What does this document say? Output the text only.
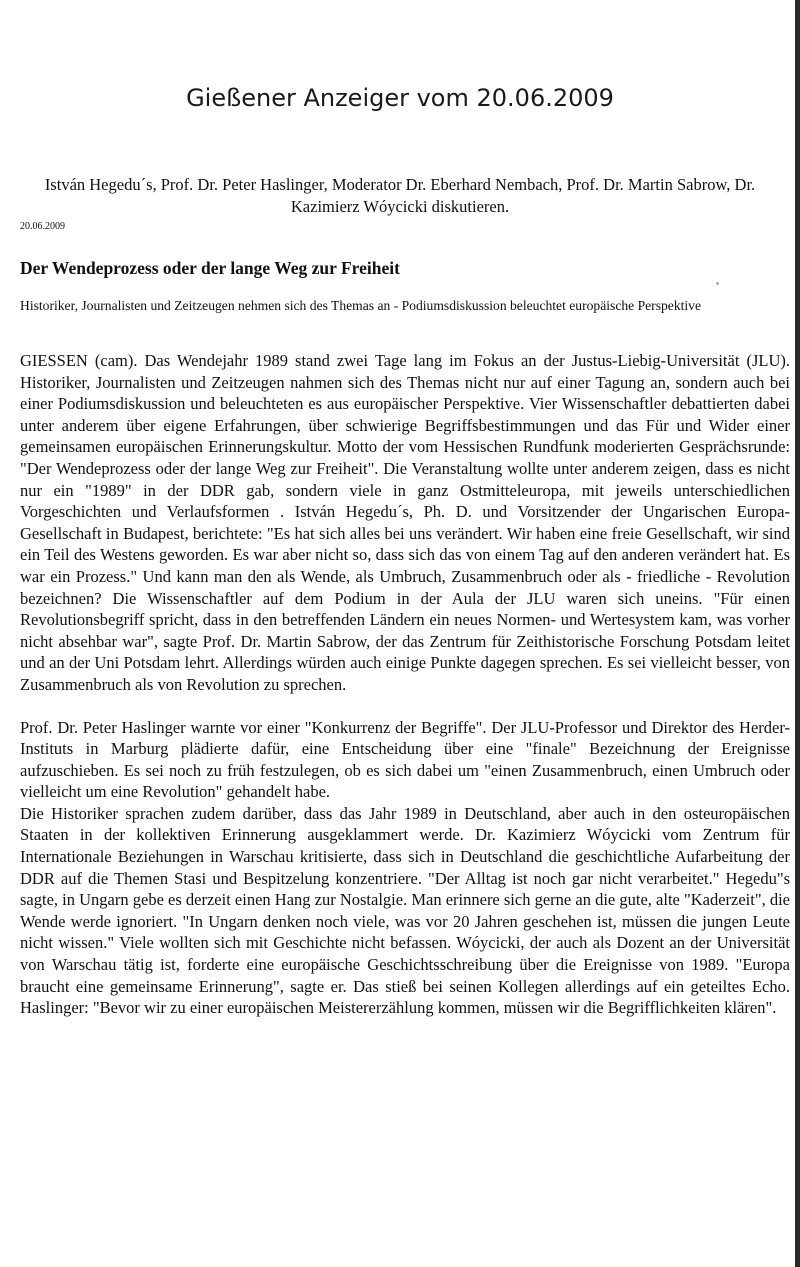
Gießener Anzeiger vom 20.06.2009
István Hegedu´s, Prof. Dr. Peter Haslinger, Moderator Dr. Eberhard Nembach, Prof. Dr. Martin Sabrow, Dr. Kazimierz Wóycicki diskutieren.
20.06.2009
Der Wendeprozess oder der lange Weg zur Freiheit
Historiker, Journalisten und Zeitzeugen nehmen sich des Themas an - Podiumsdiskussion beleuchtet europäische Perspektive

GIESSEN (cam). Das Wendejahr 1989 stand zwei Tage lang im Fokus an der Justus-Liebig-Universität (JLU). Historiker, Journalisten und Zeitzeugen nahmen sich des Themas nicht nur auf einer Tagung an, sondern auch bei einer Podiumsdiskussion und beleuchteten es aus europäischer Perspektive. Vier Wissenschaftler debattierten dabei unter anderem über eigene Erfahrungen, über schwierige Begriffsbestimmungen und das Für und Wider einer gemeinsamen europäischen Erinnerungskultur. Motto der vom Hessischen Rundfunk moderierten Gesprächsrunde: "Der Wendeprozess oder der lange Weg zur Freiheit". Die Veranstaltung wollte unter anderem zeigen, dass es nicht nur ein "1989" in der DDR gab, sondern viele in ganz Ostmitteleuropa, mit jeweils unterschiedlichen Vorgeschichten und Verlaufsformen . István Hegedu´s, Ph. D. und Vorsitzender der Ungarischen Europa-Gesellschaft in Budapest, berichtete: "Es hat sich alles bei uns verändert. Wir haben eine freie Gesellschaft, wir sind ein Teil des Westens geworden. Es war aber nicht so, dass sich das von einem Tag auf den anderen verändert hat. Es war ein Prozess." Und kann man den als Wende, als Umbruch, Zusammenbruch oder als - friedliche - Revolution bezeichnen? Die Wissenschaftler auf dem Podium in der Aula der JLU waren sich uneins. "Für einen Revolutionsbegriff spricht, dass in den betreffenden Ländern ein neues Normen- und Wertesystem kam, was vorher nicht absehbar war", sagte Prof. Dr. Martin Sabrow, der das Zentrum für Zeithistorische Forschung Potsdam leitet und an der Uni Potsdam lehrt. Allerdings würden auch einige Punkte dagegen sprechen. Es sei vielleicht besser, von Zusammenbruch als von Revolution zu sprechen.

Prof. Dr. Peter Haslinger warnte vor einer "Konkurrenz der Begriffe". Der JLU-Professor und Direktor des Herder-Instituts in Marburg plädierte dafür, eine Entscheidung über eine "finale" Bezeichnung der Ereignisse aufzuschieben. Es sei noch zu früh festzulegen, ob es sich dabei um "einen Zusammenbruch, einen Umbruch oder vielleicht um eine Revolution" gehandelt habe.

Die Historiker sprachen zudem darüber, dass das Jahr 1989 in Deutschland, aber auch in den osteuropäischen Staaten in der kollektiven Erinnerung ausgeklammert werde. Dr. Kazimierz Wóycicki vom Zentrum für Internationale Beziehungen in Warschau kritisierte, dass sich in Deutschland die geschichtliche Aufarbeitung der DDR auf die Themen Stasi und Bespitzelung konzentriere. "Der Alltag ist noch gar nicht verarbeitet." Hegedu"s sagte, in Ungarn gebe es derzeit einen Hang zur Nostalgie. Man erinnere sich gerne an die gute, alte "Kaderzeit", die Wende werde ignoriert. "In Ungarn denken noch viele, was vor 20 Jahren geschehen ist, müssen die jungen Leute nicht wissen." Viele wollten sich mit Geschichte nicht befassen. Wóycicki, der auch als Dozent an der Universität von Warschau tätig ist, forderte eine europäische Geschichtsschreibung über die Ereignisse von 1989. "Europa braucht eine gemeinsame Erinnerung", sagte er. Das stieß bei seinen Kollegen allerdings auf ein geteiltes Echo. Haslinger: "Bevor wir zu einer europäischen Meistererzählung kommen, müssen wir die Begrifflichkeiten klären".
